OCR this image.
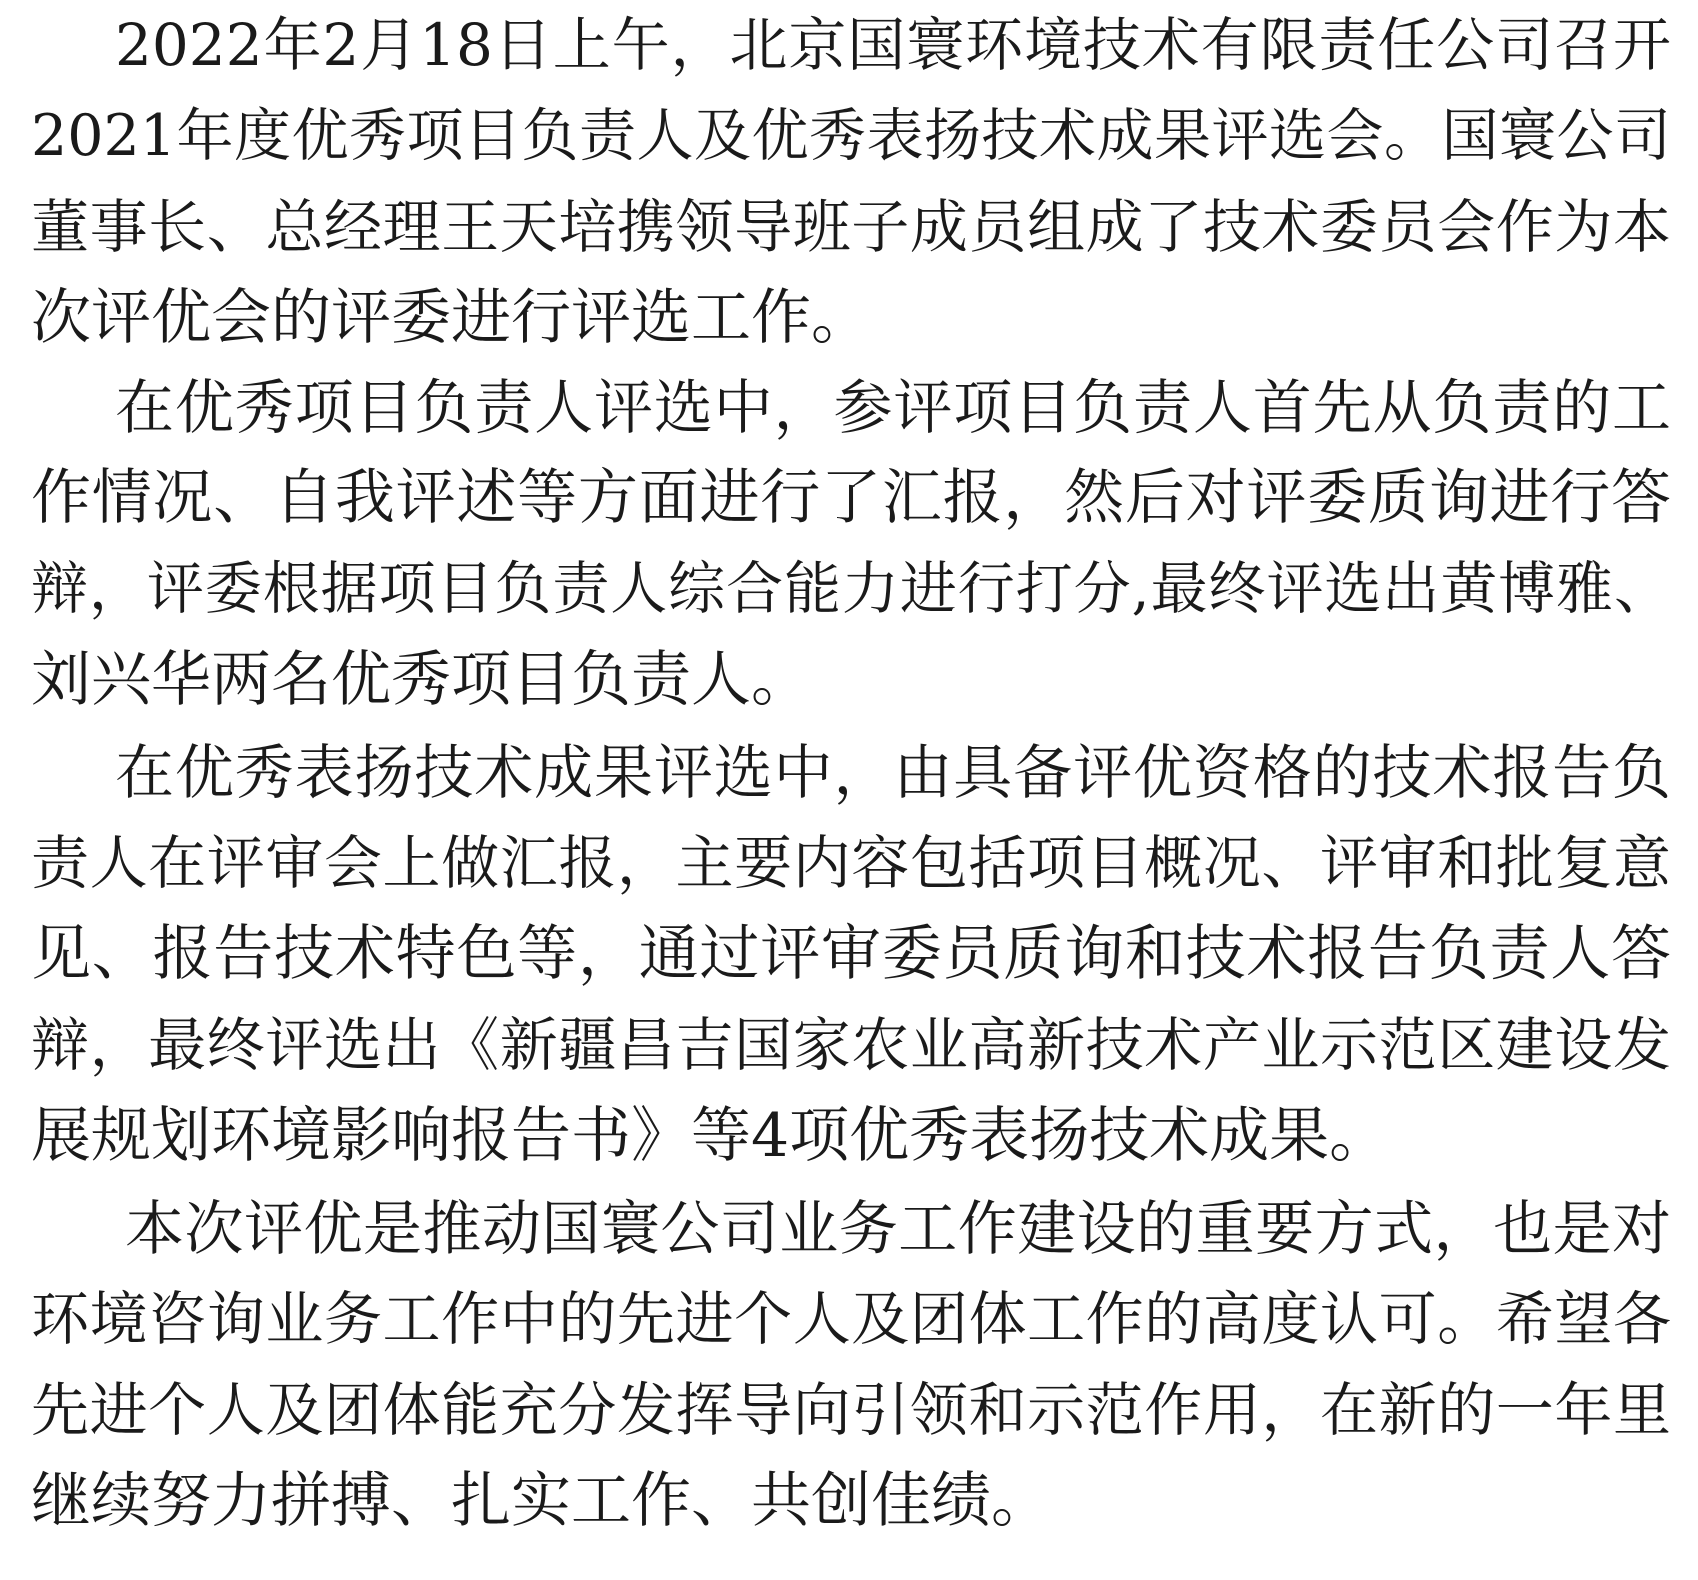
2022年2月18日上午，北京国寰环境技术有限责任公司召开
2021年度优秀项目负责人及优秀表扬技术成果评选会。国寰公司
董事长、总经理王天培携领导班子成员组成了技术委员会作为本
次评优会的评委进行评选工作。
在优秀项目负责人评选中，参评项目负责人首先从负责的工
作情况、自我评述等方面进行了汇报，然后对评委质询进行答
辩，评委根据项目负责人综合能力进行打分,最终评选出黄博雅、
刘兴华两名优秀项目负责人。
在优秀表扬技术成果评选中，由具备评优资格的技术报告负
责人在评审会上做汇报，主要内容包括项目概况、评审和批复意
见、报告技术特色等，通过评审委员质询和技术报告负责人答
辩，最终评选出《新疆昌吉国家农业高新技术产业示范区建设发
展规划环境影响报告书》等4项优秀表扬技术成果。
本次评优是推动国寰公司业务工作建设的重要方式，也是对
环境咨询业务工作中的先进个人及团体工作的高度认可。希望各
先进个人及团体能充分发挥导向引领和示范作用，在新的一年里
继续努力拼搏、扎实工作、共创佳绩。
